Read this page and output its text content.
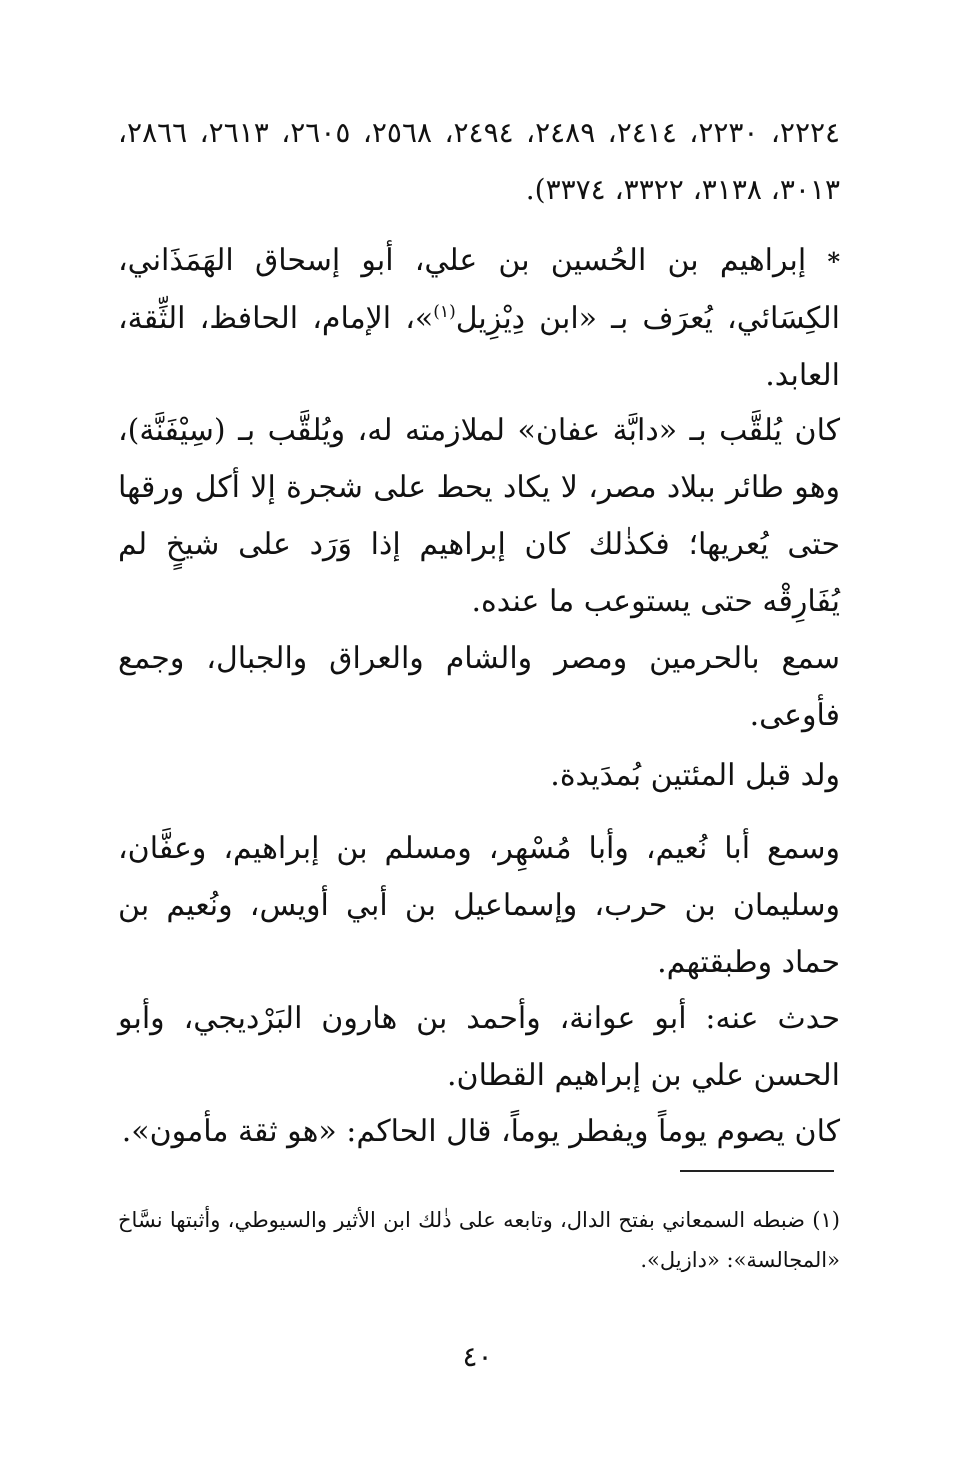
٢٢٢٤، ٢٢٣٠، ٢٤١٤، ٢٤٨٩، ٢٤٩٤، ٢٥٦٨، ٢٦٠٥، ٢٦١٣، ٢٨٦٦، ٣٠١٣، ٣١٣٨، ٣٣٢٢، ٣٣٧٤).

* إبراهيم بن الحُسين بن علي، أبو إسحاق الهَمَذَاني، الكِسَائي، يُعرَف بـ «ابن دِيْزِيل$^{(١)}$»، الإمام، الحافظ، الثِّقة، العابد.

كان يُلقَّب بـ «دابَّة عفان» لملازمته له، ويُلقَّب بـ (سِيْفَنَّة)، وهو طائر ببلاد مصر، لا يكاد يحط على شجرة إلا أكل ورقها حتى يُعريها؛ فكذٰلك كان إبراهيم إذا وَرَد على شيخٍ لم يُفَارِقْه حتى يستوعب ما عنده.

سمع بالحرمين ومصر والشام والعراق والجبال، وجمع فأوعى.

ولد قبل المئتين بُمدَيدة.

وسمع أبا نُعيم، وأبا مُسْهِر، ومسلم بن إبراهيم، وعفَّان، وسليمان بن حرب، وإسماعيل بن أبي أويس، ونُعيم بن حماد وطبقتهم.

حدث عنه: أبو عوانة، وأحمد بن هارون البَرْديجي، وأبو الحسن علي بن إبراهيم القطان.

كان يصوم يوماً ويفطر يوماً، قال الحاكم: «هو ثقة مأمون».

(١) ضبطه السمعاني بفتح الدال، وتابعه على ذٰلك ابن الأثير والسيوطي، وأثبتها نسَّاخ «المجالسة»: «دازيل».

٤٠
